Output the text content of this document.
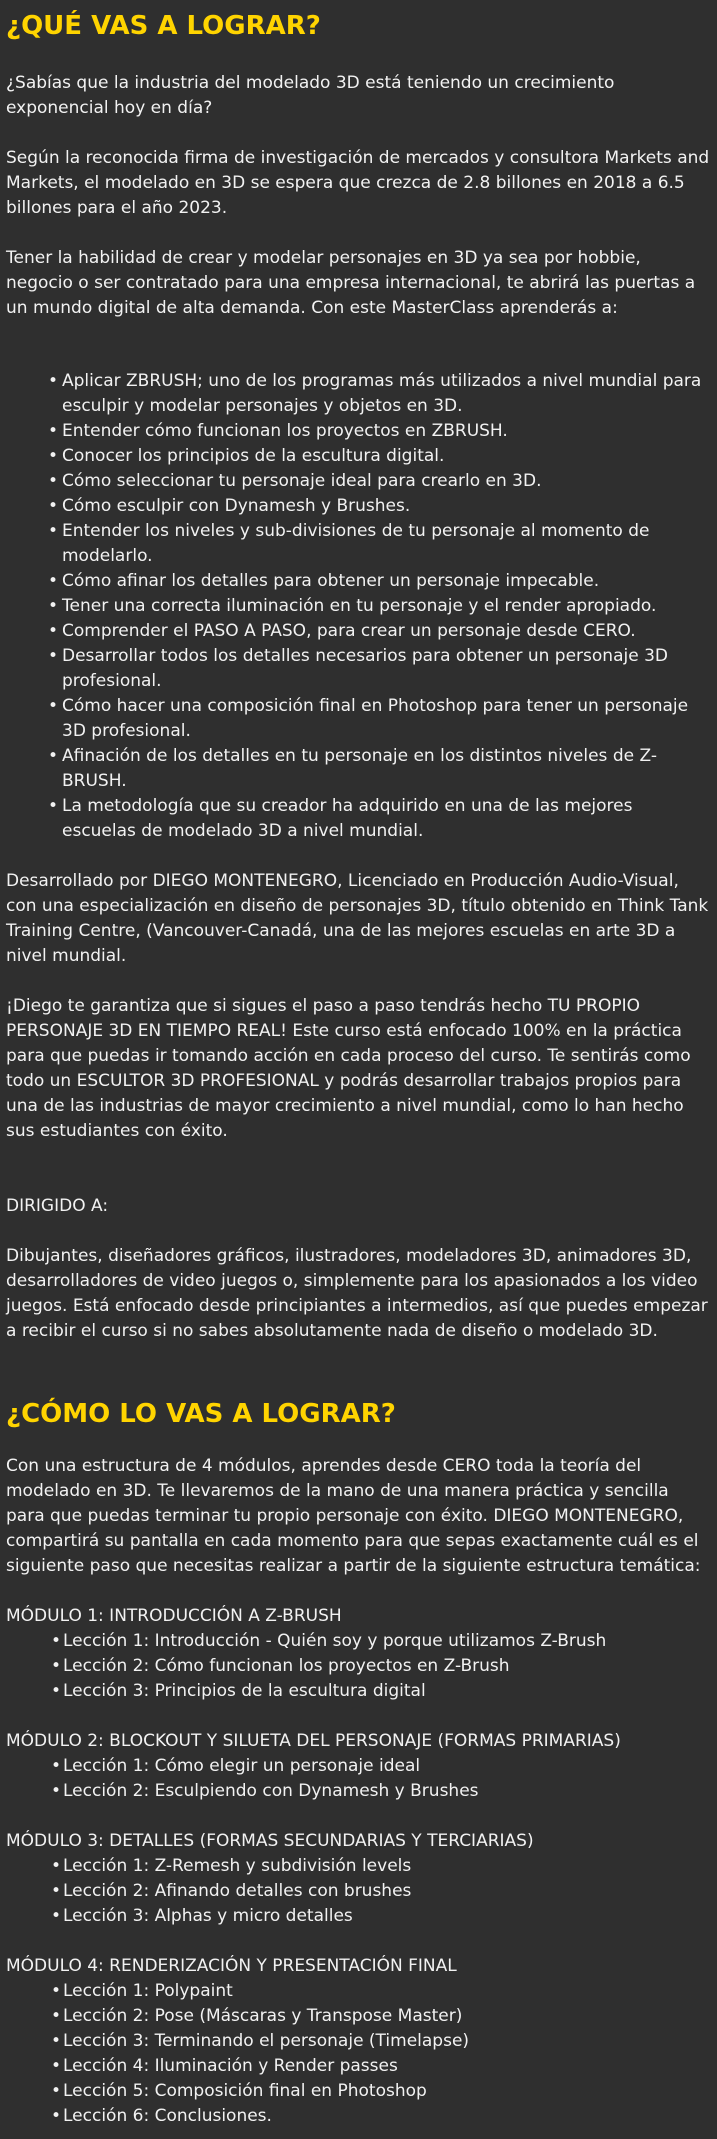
¿QUÉ VAS A LOGRAR?

¿Sabías que la industria del modelado 3D está teniendo un crecimiento exponencial hoy en día?

Según la reconocida firma de investigación de mercados y consultora Markets and Markets, el modelado en 3D se espera que crezca de 2.8 billones en 2018 a 6.5 billones para el año 2023.

Tener la habilidad de crear y modelar personajes en 3D ya sea por hobbie, negocio o ser contratado para una empresa internacional, te abrirá las puertas a un mundo digital de alta demanda. Con este MasterClass aprenderás a:

• Aplicar ZBRUSH; uno de los programas más utilizados a nivel mundial para esculpir y modelar personajes y objetos en 3D.
• Entender cómo funcionan los proyectos en ZBRUSH.
• Conocer los principios de la escultura digital.
• Cómo seleccionar tu personaje ideal para crearlo en 3D.
• Cómo esculpir con Dynamesh y Brushes.
• Entender los niveles y sub-divisiones de tu personaje al momento de modelarlo.
• Cómo afinar los detalles para obtener un personaje impecable.
• Tener una correcta iluminación en tu personaje y el render apropiado.
• Comprender el PASO A PASO, para crear un personaje desde CERO.
• Desarrollar todos los detalles necesarios para obtener un personaje 3D profesional.
• Cómo hacer una composición final en Photoshop para tener un personaje 3D profesional.
• Afinación de los detalles en tu personaje en los distintos niveles de Z-BRUSH.
• La metodología que su creador ha adquirido en una de las mejores escuelas de modelado 3D a nivel mundial.

Desarrollado por DIEGO MONTENEGRO, Licenciado en Producción Audio-Visual, con una especialización en diseño de personajes 3D, título obtenido en Think Tank Training Centre, (Vancouver-Canadá, una de las mejores escuelas en arte 3D a nivel mundial.

¡Diego te garantiza que si sigues el paso a paso tendrás hecho TU PROPIO PERSONAJE 3D EN TIEMPO REAL! Este curso está enfocado 100% en la práctica para que puedas ir tomando acción en cada proceso del curso. Te sentirás como todo un ESCULTOR 3D PROFESIONAL y podrás desarrollar trabajos propios para una de las industrias de mayor crecimiento a nivel mundial, como lo han hecho sus estudiantes con éxito.

DIRIGIDO A:

Dibujantes, diseñadores gráficos, ilustradores, modeladores 3D, animadores 3D, desarrolladores de video juegos o, simplemente para los apasionados a los video juegos. Está enfocado desde principiantes a intermedios, así que puedes empezar a recibir el curso si no sabes absolutamente nada de diseño o modelado 3D.

¿CÓMO LO VAS A LOGRAR?

Con una estructura de 4 módulos, aprendes desde CERO toda la teoría del modelado en 3D. Te llevaremos de la mano de una manera práctica y sencilla para que puedas terminar tu propio personaje con éxito. DIEGO MONTENEGRO, compartirá su pantalla en cada momento para que sepas exactamente cuál es el siguiente paso que necesitas realizar a partir de la siguiente estructura temática:

MÓDULO 1: INTRODUCCIÓN A Z-BRUSH

• Lección 1: Introducción - Quién soy y porque utilizamos Z-Brush
• Lección 2: Cómo funcionan los proyectos en Z-Brush
• Lección 3: Principios de la escultura digital

MÓDULO 2: BLOCKOUT Y SILUETA DEL PERSONAJE (FORMAS PRIMARIAS)

• Lección 1: Cómo elegir un personaje ideal
• Lección 2: Esculpiendo con Dynamesh y Brushes

MÓDULO 3: DETALLES (FORMAS SECUNDARIAS Y TERCIARIAS)

• Lección 1: Z-Remesh y subdivisión levels
• Lección 2: Afinando detalles con brushes
• Lección 3: Alphas y micro detalles

MÓDULO 4: RENDERIZACIÓN Y PRESENTACIÓN FINAL

• Lección 1: Polypaint
• Lección 2: Pose (Máscaras y Transpose Master)
• Lección 3: Terminando el personaje (Timelapse)
• Lección 4: Iluminación y Render passes
• Lección 5: Composición final en Photoshop
• Lección 6: Conclusiones.
